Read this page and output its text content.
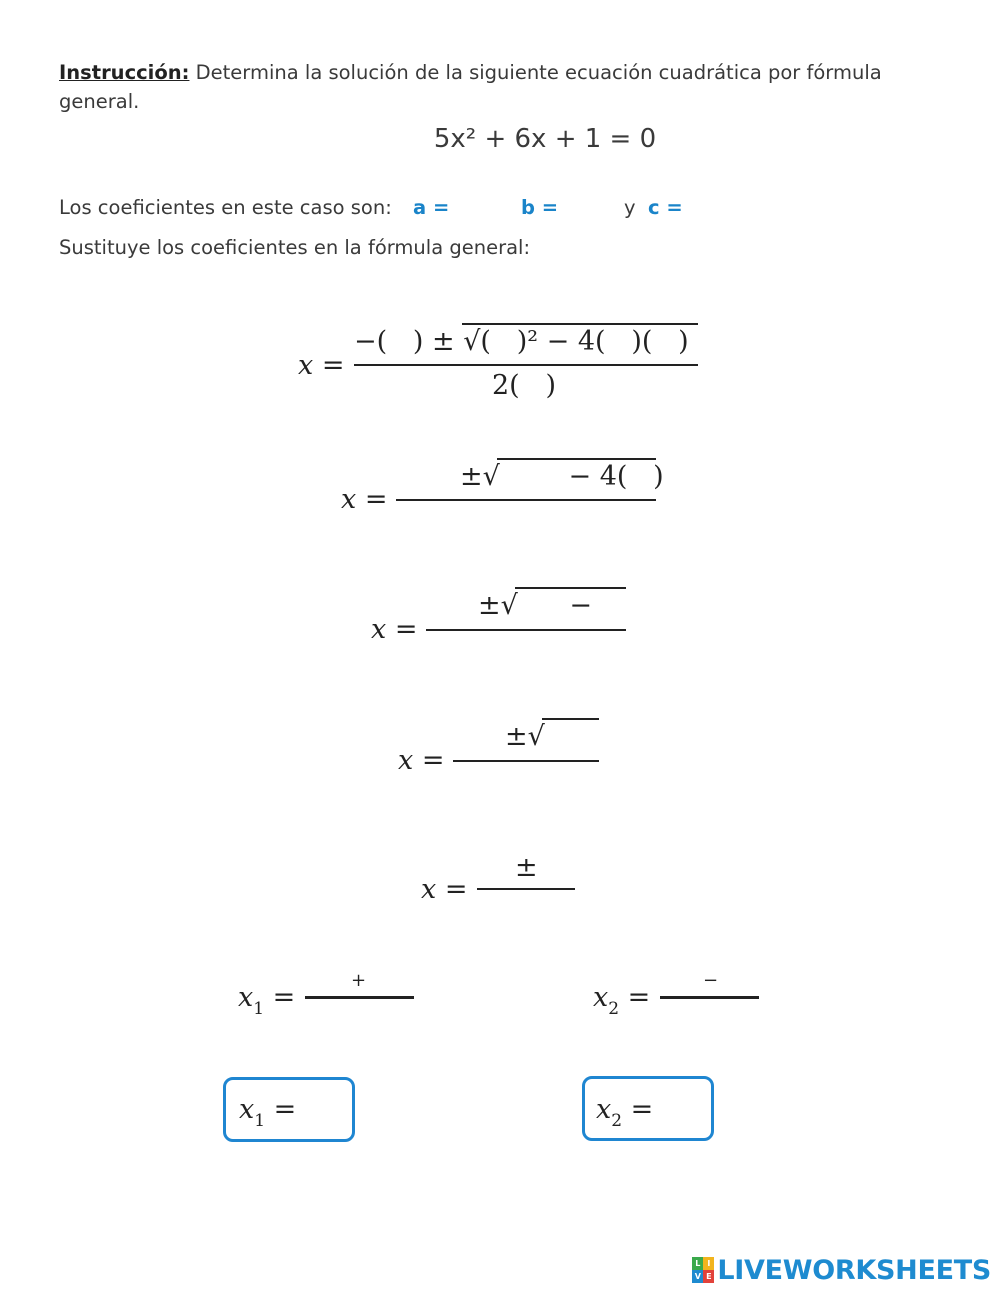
Instrucción: Determina la solución de la siguiente ecuación cuadrática por fórmula general.
5x² + 6x + 1 = 0
Los coeficientes en este caso son: a =	b =	y c =
Sustituye los coeficientes en la fórmula general:
x =
−(   ) ± √(   )² − 4(   )(   )
2(   )
x =
±√        − 4(   )
x =
±√      −
x =
±√
x =
±
$x_1$ =
+
$x_2$ =
−
$x_1$ =	$x_2$ =
L I
V E LIVEWORKSHEETS
